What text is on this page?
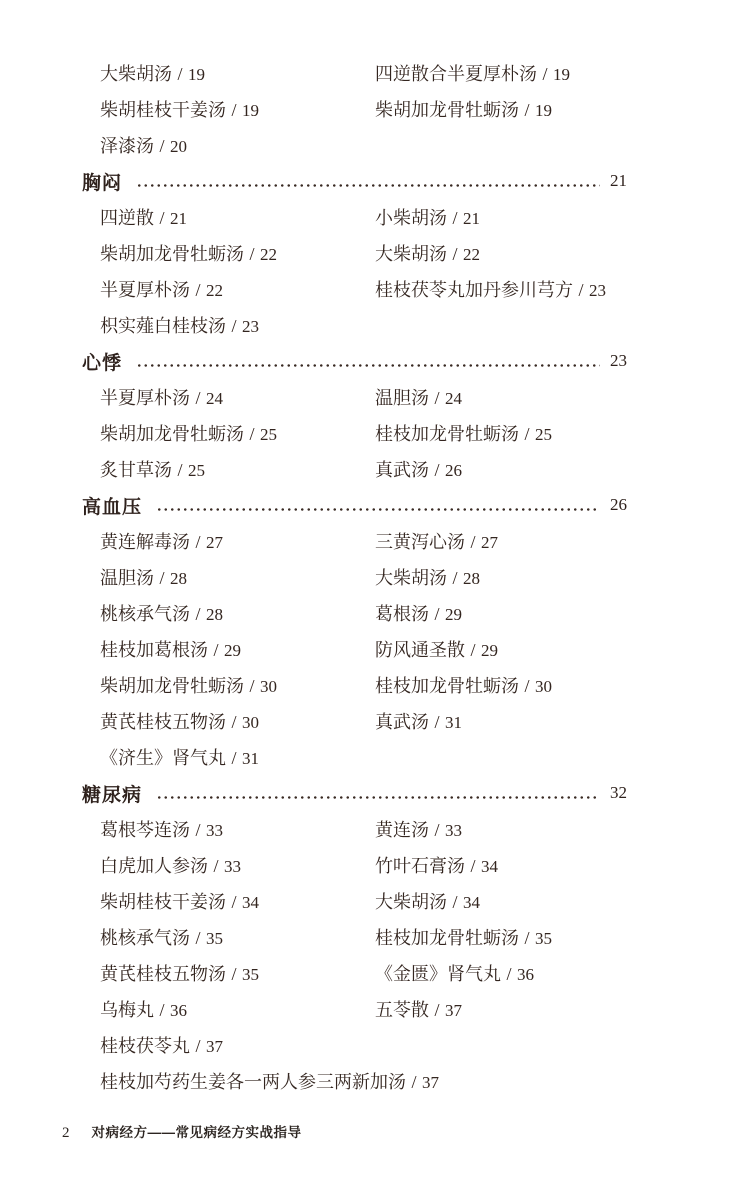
大柴胡汤 / 19	四逆散合半夏厚朴汤 / 19
柴胡桂枝干姜汤 / 19	柴胡加龙骨牡蛎汤 / 19
泽漆汤 / 20
胸闷	21
四逆散 / 21	小柴胡汤 / 21
柴胡加龙骨牡蛎汤 / 22	大柴胡汤 / 22
半夏厚朴汤 / 22	桂枝茯苓丸加丹参川芎方 / 23
枳实薤白桂枝汤 / 23
心悸	23
半夏厚朴汤 / 24	温胆汤 / 24
柴胡加龙骨牡蛎汤 / 25	桂枝加龙骨牡蛎汤 / 25
炙甘草汤 / 25	真武汤 / 26
高血压	26
黄连解毒汤 / 27	三黄泻心汤 / 27
温胆汤 / 28	大柴胡汤 / 28
桃核承气汤 / 28	葛根汤 / 29
桂枝加葛根汤 / 29	防风通圣散 / 29
柴胡加龙骨牡蛎汤 / 30	桂枝加龙骨牡蛎汤 / 30
黄芪桂枝五物汤 / 30	真武汤 / 31
《济生》肾气丸 / 31
糖尿病	32
葛根芩连汤 / 33	黄连汤 / 33
白虎加人参汤 / 33	竹叶石膏汤 / 34
柴胡桂枝干姜汤 / 34	大柴胡汤 / 34
桃核承气汤 / 35	桂枝加龙骨牡蛎汤 / 35
黄芪桂枝五物汤 / 35	《金匮》肾气丸 / 36
乌梅丸 / 36	五苓散 / 37
桂枝茯苓丸 / 37
桂枝加芍药生姜各一两人参三两新加汤 / 37
2 对病经方——常见病经方实战指导
